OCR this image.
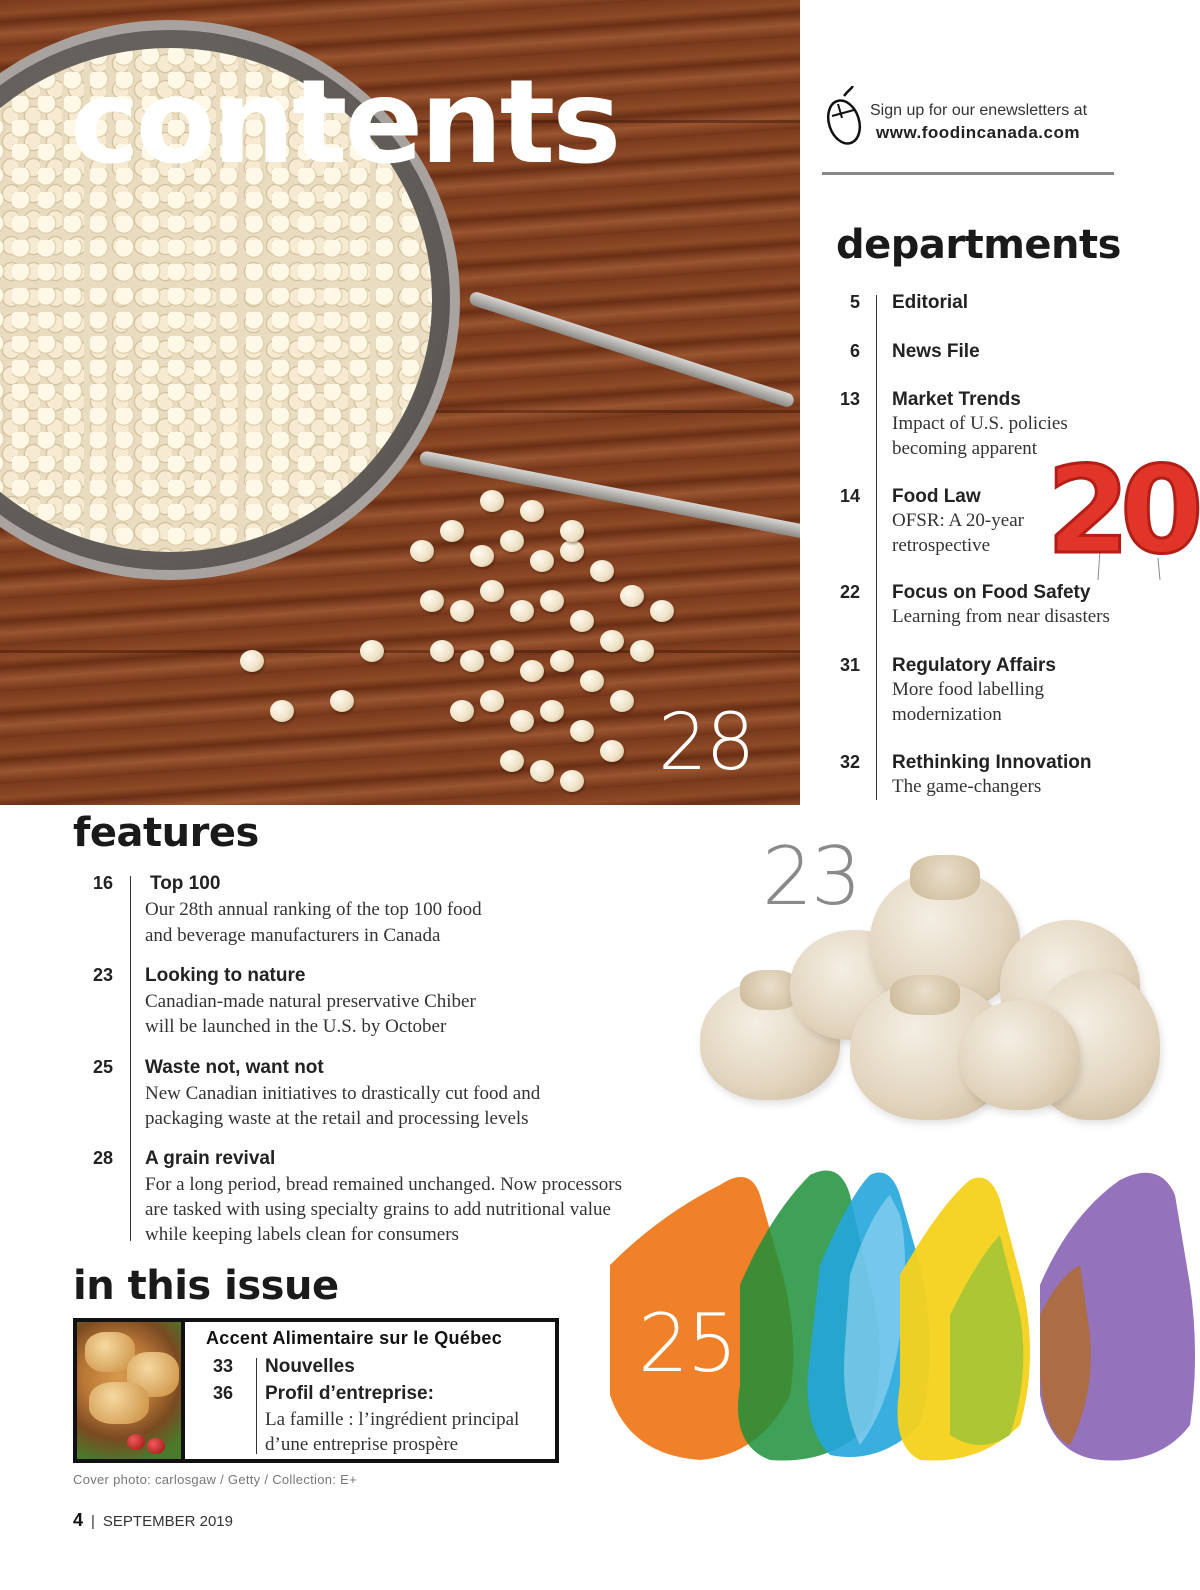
contents
28
Sign up for our enewsletters at
www.foodincanada.com
departments
5 Editorial
6 News File
13 Market Trends
Impact of U.S. policies becoming apparent
14 Food Law
OFSR: A 20-year retrospective
22 Focus on Food Safety
Learning from near disasters
31 Regulatory Affairs
More food labelling modernization
32 Rethinking Innovation
The game-changers
20
features
16 Top 100
Our 28th annual ranking of the top 100 food and beverage manufacturers in Canada
23 Looking to nature
Canadian-made natural preservative Chiber will be launched in the U.S. by October
25 Waste not, want not
New Canadian initiatives to drastically cut food and packaging waste at the retail and processing levels
28 A grain revival
For a long period, bread remained unchanged. Now processors are tasked with using specialty grains to add nutritional value while keeping labels clean for consumers
23
25
in this issue
Accent Alimentaire sur le Québec
33 Nouvelles
36 Profil d’entreprise:
La famille : l’ingrédient principal d’une entreprise prospère
Cover photo: carlosgaw / Getty / Collection: E+
4 | SEPTEMBER 2019
